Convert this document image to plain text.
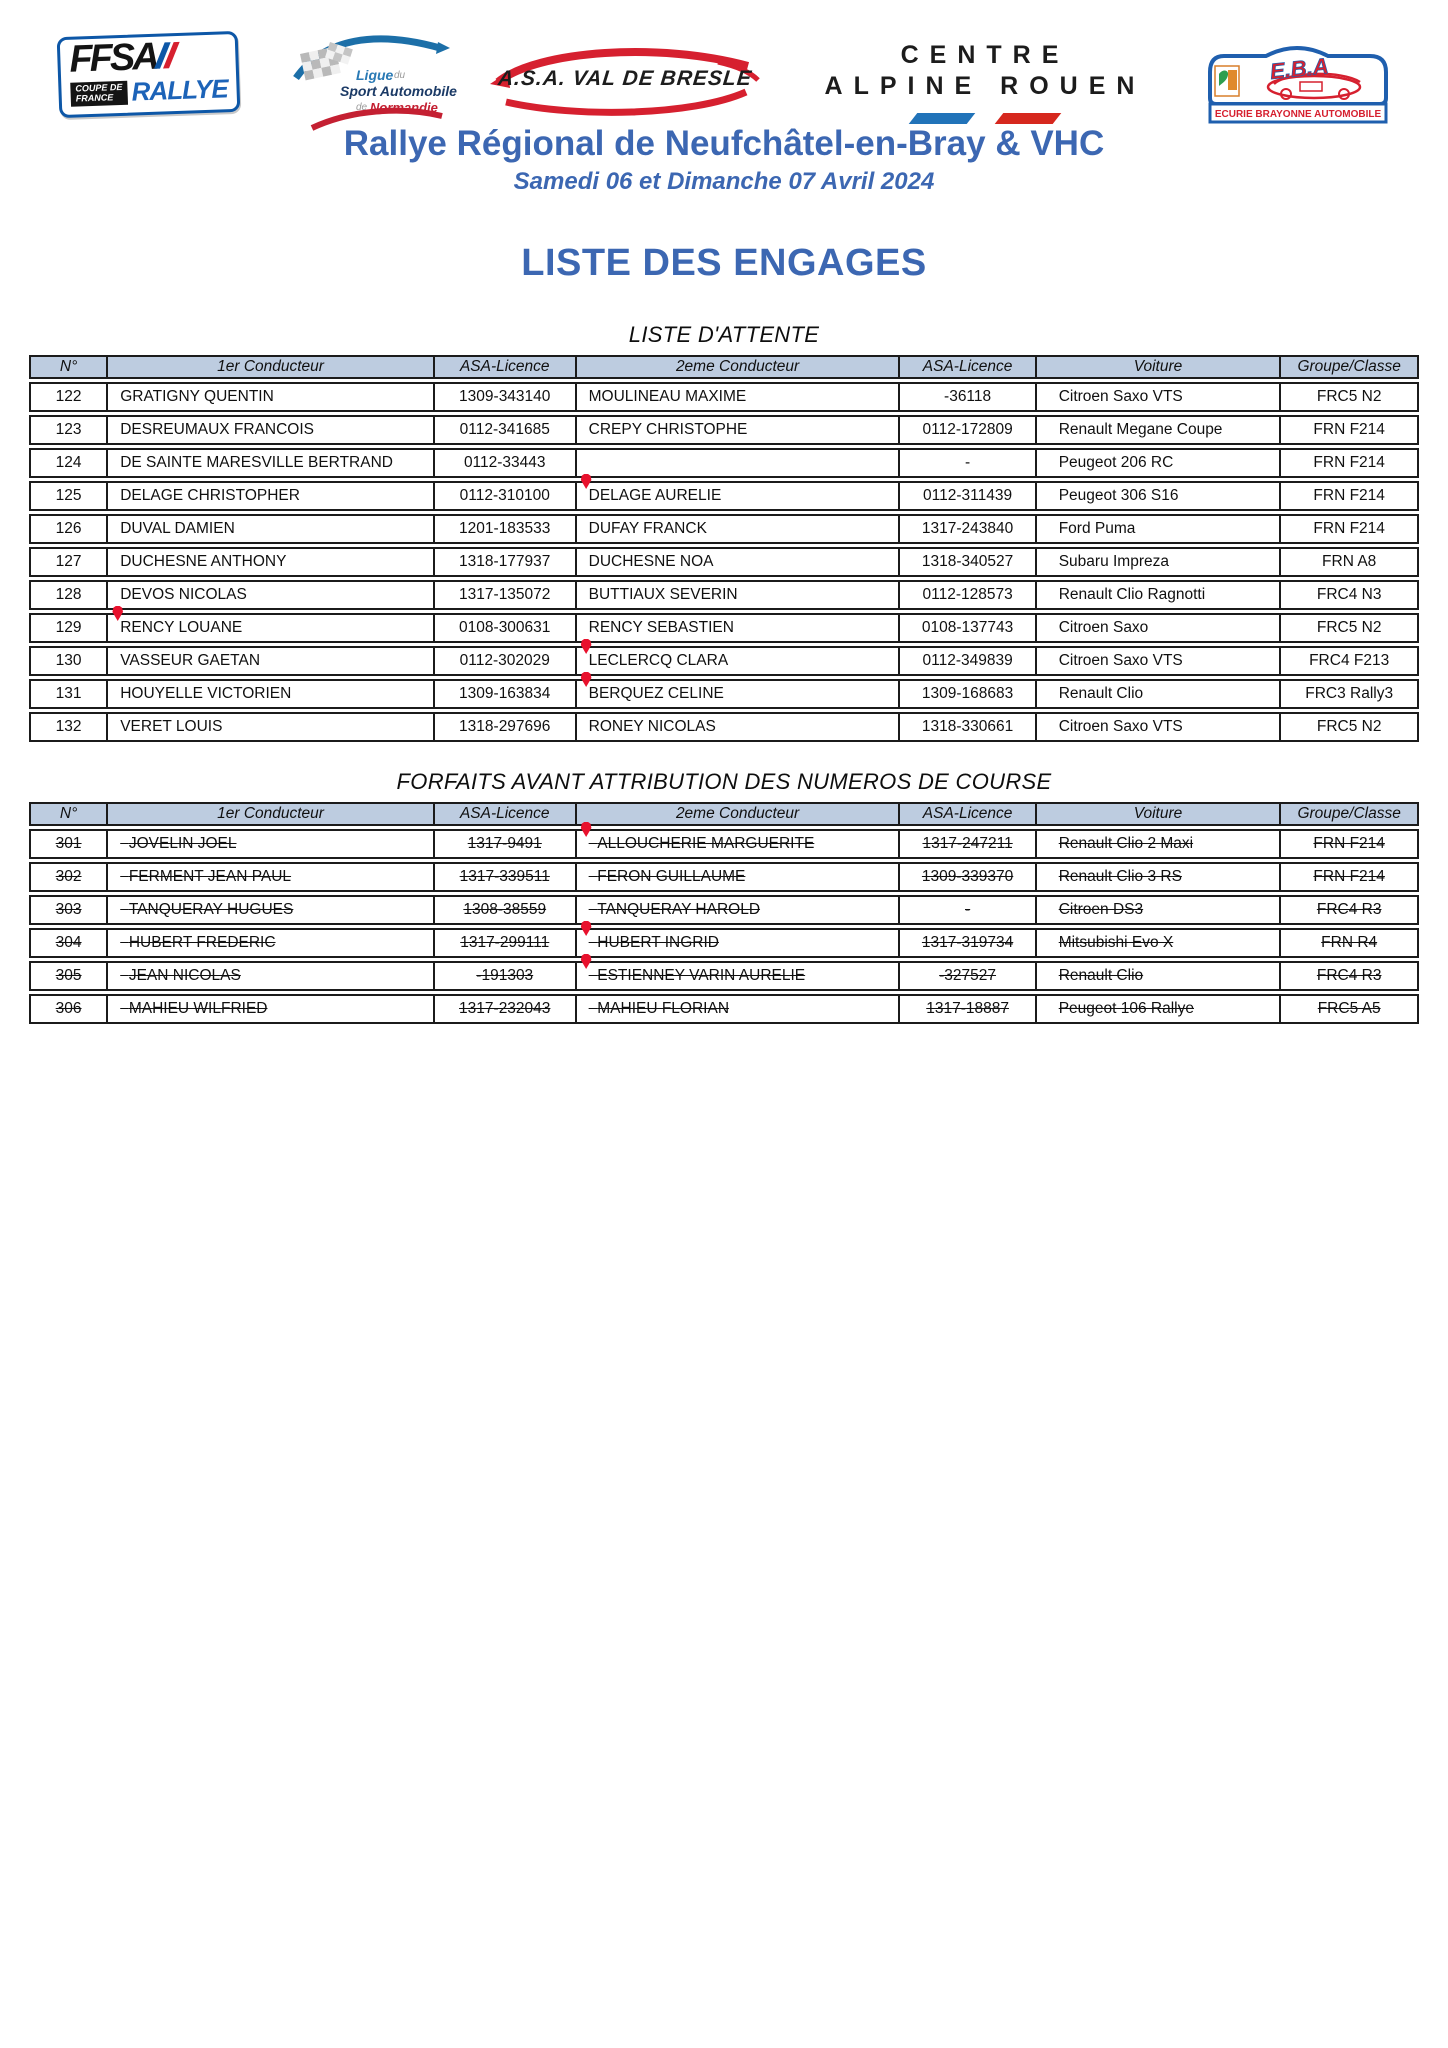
FFSA
COUPE DE
FRANCE RALLYE	Ligue du
Sport Automobile
de Normandie
A.S.A. VAL DE BRESLE
CENTRE
ALPINE ROUEN
E.B.A
ECURIE BRAYONNE AUTOMOBILE
Rallye Régional de Neufchâtel-en-Bray & VHC
Samedi 06 et Dimanche 07 Avril 2024
LISTE DES ENGAGES
LISTE D'ATTENTE
N°	1er Conducteur	ASA-Licence	2eme Conducteur	ASA-Licence	Voiture	Groupe/Classe
122	GRATIGNY QUENTIN	1309-343140	MOULINEAU MAXIME	-36118	Citroen Saxo VTS	FRC5 N2
123	DESREUMAUX FRANCOIS	0112-341685	CREPY CHRISTOPHE	0112-172809	Renault Megane Coupe	FRN F214
124	DE SAINTE MARESVILLE BERTRAND	0112-33443		-	Peugeot 206 RC	FRN F214
125	DELAGE CHRISTOPHER	0112-310100	DELAGE AURELIE	0112-311439	Peugeot 306 S16	FRN F214
126	DUVAL DAMIEN	1201-183533	DUFAY FRANCK	1317-243840	Ford Puma	FRN F214
127	DUCHESNE ANTHONY	1318-177937	DUCHESNE NOA	1318-340527	Subaru Impreza	FRN A8
128	DEVOS NICOLAS	1317-135072	BUTTIAUX SEVERIN	0112-128573	Renault Clio Ragnotti	FRC4 N3
129	RENCY LOUANE	0108-300631	RENCY SEBASTIEN	0108-137743	Citroen Saxo	FRC5 N2
130	VASSEUR GAETAN	0112-302029	LECLERCQ CLARA	0112-349839	Citroen Saxo VTS	FRC4 F213
131	HOUYELLE VICTORIEN	1309-163834	BERQUEZ CELINE	1309-168683	Renault Clio	FRC3 Rally3
132	VERET LOUIS	1318-297696	RONEY NICOLAS	1318-330661	Citroen Saxo VTS	FRC5 N2
FORFAITS AVANT ATTRIBUTION DES NUMEROS DE COURSE
N°	1er Conducteur	ASA-Licence	2eme Conducteur	ASA-Licence	Voiture	Groupe/Classe
301	JOVELIN JOEL	1317-9491	ALLOUCHERIE MARGUERITE	1317-247211	Renault Clio 2 Maxi	FRN F214
302	FERMENT JEAN PAUL	1317-339511	FERON GUILLAUME	1309-339370	Renault Clio 3 RS	FRN F214
303	TANQUERAY HUGUES	1308-38559	TANQUERAY HAROLD	-	Citroen DS3	FRC4 R3
304	HUBERT FREDERIC	1317-299111	HUBERT INGRID	1317-319734	Mitsubishi Evo X	FRN R4
305	JEAN NICOLAS	-191303	ESTIENNEY VARIN AURELIE	-327527	Renault Clio	FRC4 R3
306	MAHIEU WILFRIED	1317-232043	MAHIEU FLORIAN	1317-18887	Peugeot 106 Rallye	FRC5 A5
